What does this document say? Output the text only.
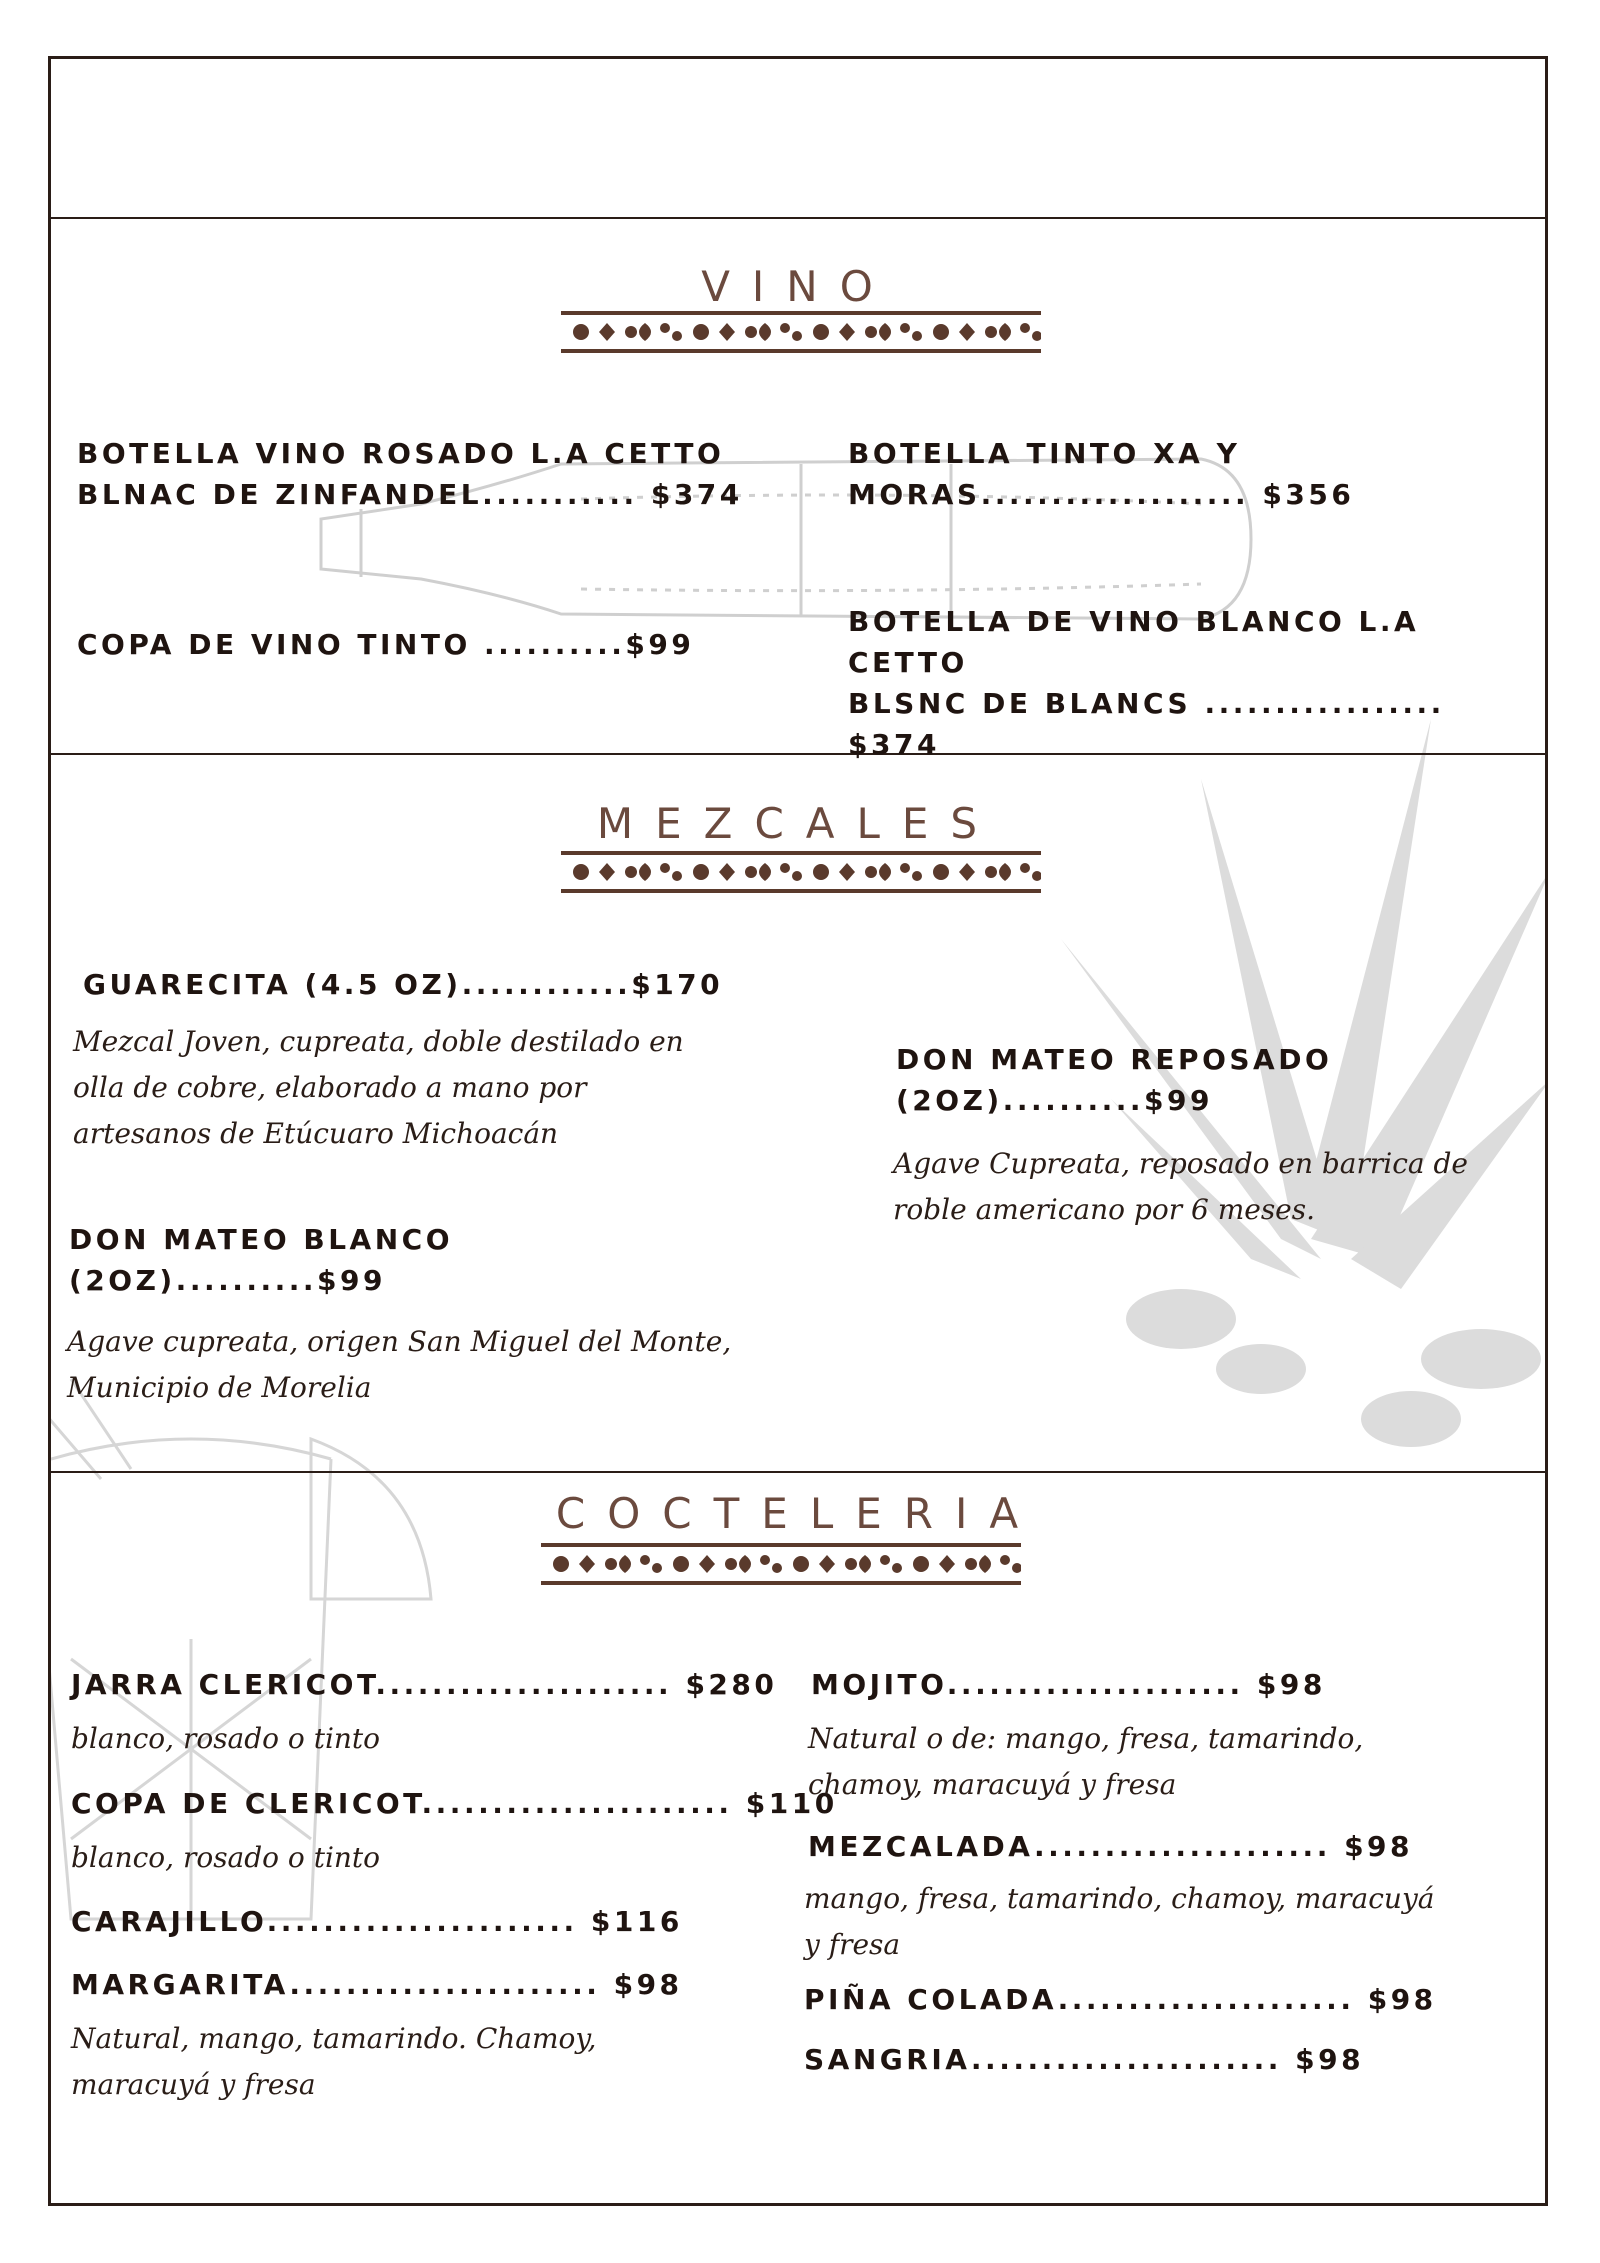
VINO
BOTELLA VINO ROSADO L.A CETTO
BLNAC DE ZINFANDEL........... $374
BOTELLA TINTO XA Y
MORAS................... $356
COPA DE VINO TINTO ..........$99
BOTELLA DE VINO BLANCO L.A CETTO
BLSNC DE BLANCS ................. $374
MEZCALES
GUARECITA (4.5 OZ)............$170
Mezcal Joven, cupreata, doble destilado en olla de cobre, elaborado a mano por artesanos de Etúcuaro Michoacán
DON MATEO REPOSADO
(2OZ)..........$99
Agave Cupreata, reposado en barrica de roble americano por 6 meses.
DON MATEO BLANCO
(2OZ)..........$99
Agave cupreata, origen San Miguel del Monte, Municipio de Morelia
COCTELERIA
JARRA CLERICOT..................... $280
blanco, rosado o tinto
COPA DE CLERICOT...................... $110
blanco, rosado o tinto
CARAJILLO...................... $116
MARGARITA...................... $98
Natural, mango, tamarindo. Chamoy, maracuyá y fresa
MOJITO..................... $98
Natural o de: mango, fresa, tamarindo, chamoy, maracuyá y fresa
MEZCALADA..................... $98
mango, fresa, tamarindo, chamoy, maracuyá y fresa
PIÑA COLADA..................... $98
SANGRIA...................... $98
